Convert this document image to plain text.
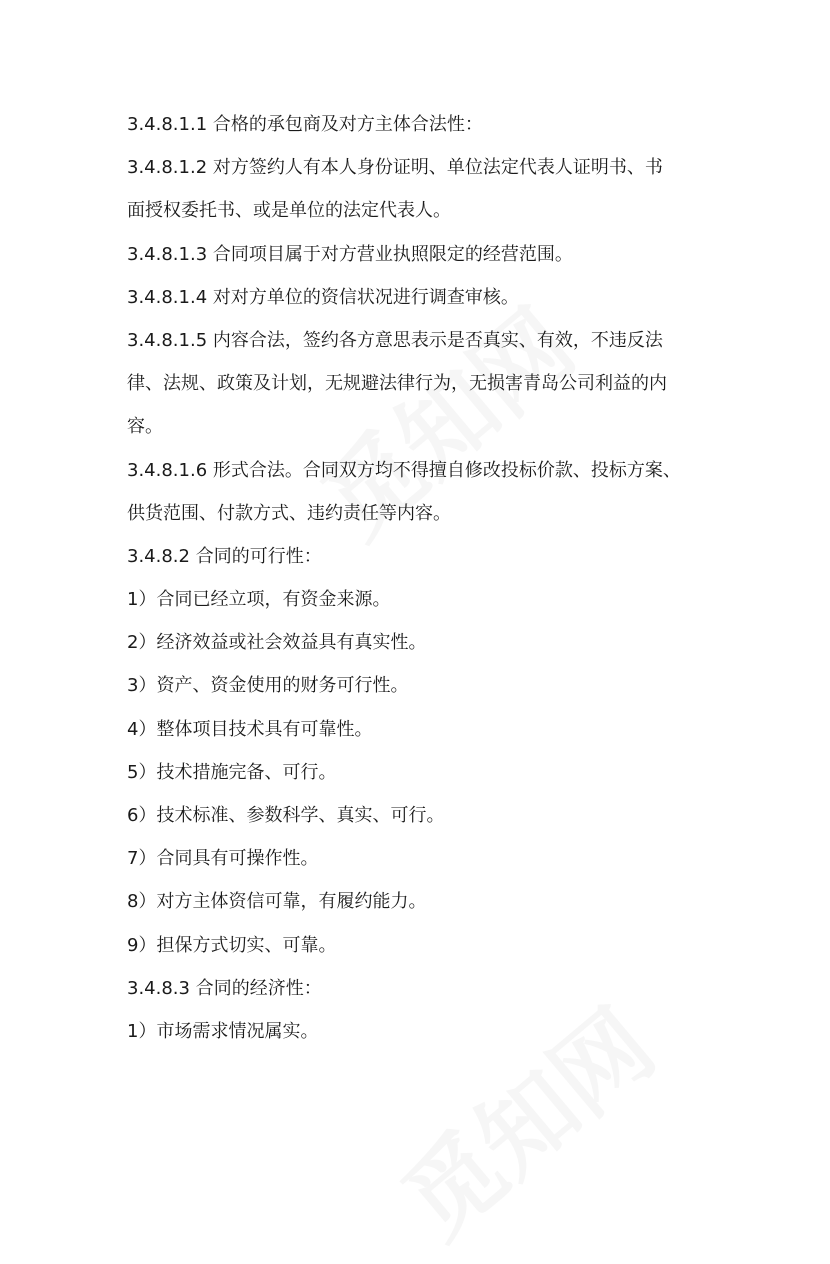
3.4.8.1.1 合格的承包商及对方主体合法性：
3.4.8.1.2 对方签约人有本人身份证明、单位法定代表人证明书、书
面授权委托书、或是单位的法定代表人。
3.4.8.1.3 合同项目属于对方营业执照限定的经营范围。
3.4.8.1.4 对对方单位的资信状况进行调查审核。
3.4.8.1.5 内容合法，签约各方意思表示是否真实、有效，不违反法
律、法规、政策及计划，无规避法律行为，无损害青岛公司利益的内
容。
3.4.8.1.6 形式合法。合同双方均不得擅自修改投标价款、投标方案、
供货范围、付款方式、违约责任等内容。
3.4.8.2 合同的可行性：
1）合同已经立项，有资金来源。
2）经济效益或社会效益具有真实性。
3）资产、资金使用的财务可行性。
4）整体项目技术具有可靠性。
5）技术措施完备、可行。
6）技术标准、参数科学、真实、可行。
7）合同具有可操作性。
8）对方主体资信可靠，有履约能力。
9）担保方式切实、可靠。
3.4.8.3 合同的经济性：
1）市场需求情况属实。
